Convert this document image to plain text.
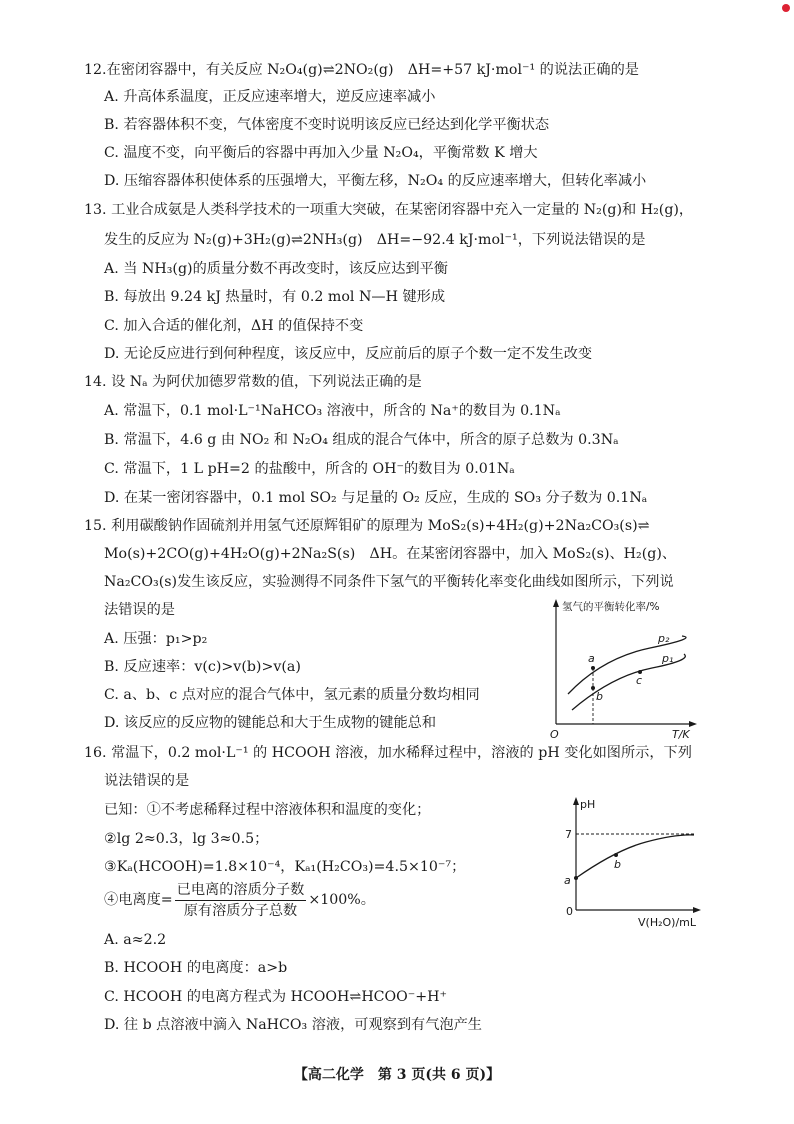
12.在密闭容器中，有关反应 N₂O₄(g)⇌2NO₂(g)　ΔH=+57 kJ·mol⁻¹ 的说法正确的是
A. 升高体系温度，正反应速率增大，逆反应速率减小
B. 若容器体积不变，气体密度不变时说明该反应已经达到化学平衡状态
C. 温度不变，向平衡后的容器中再加入少量 N₂O₄，平衡常数 K 增大
D. 压缩容器体积使体系的压强增大，平衡左移，N₂O₄ 的反应速率增大，但转化率减小
13. 工业合成氨是人类科学技术的一项重大突破，在某密闭容器中充入一定量的 N₂(g)和 H₂(g)，
发生的反应为 N₂(g)+3H₂(g)⇌2NH₃(g)　ΔH=−92.4 kJ·mol⁻¹，下列说法错误的是
A. 当 NH₃(g)的质量分数不再改变时，该反应达到平衡
B. 每放出 9.24 kJ 热量时，有 0.2 mol N—H 键形成
C. 加入合适的催化剂，ΔH 的值保持不变
D. 无论反应进行到何种程度，该反应中，反应前后的原子个数一定不发生改变
14. 设 Nₐ 为阿伏加德罗常数的值，下列说法正确的是
A. 常温下，0.1 mol·L⁻¹NaHCO₃ 溶液中，所含的 Na⁺的数目为 0.1Nₐ
B. 常温下，4.6 g 由 NO₂ 和 N₂O₄ 组成的混合气体中，所含的原子总数为 0.3Nₐ
C. 常温下，1 L pH=2 的盐酸中，所含的 OH⁻的数目为 0.01Nₐ
D. 在某一密闭容器中，0.1 mol SO₂ 与足量的 O₂ 反应，生成的 SO₃ 分子数为 0.1Nₐ
15. 利用碳酸钠作固硫剂并用氢气还原辉钼矿的原理为 MoS₂(s)+4H₂(g)+2Na₂CO₃(s)⇌
Mo(s)+2CO(g)+4H₂O(g)+2Na₂S(s)　ΔH。在某密闭容器中，加入 MoS₂(s)、H₂(g)、
Na₂CO₃(s)发生该反应，实验测得不同条件下氢气的平衡转化率变化曲线如图所示，下列说
法错误的是
A. 压强：p₁>p₂
B. 反应速率：v(c)>v(b)>v(a)
C. a、b、c 点对应的混合气体中，氢元素的质量分数均相同
D. 该反应的反应物的键能总和大于生成物的键能总和
氢气的平衡转化率/%
T/K
O
p₂
p₁
a
b
c
16. 常温下，0.2 mol·L⁻¹ 的 HCOOH 溶液，加水稀释过程中，溶液的 pH 变化如图所示，下列
说法错误的是
已知：①不考虑稀释过程中溶液体积和温度的变化；
②lg 2≈0.3，lg 3≈0.5；
③Kₐ(HCOOH)=1.8×10⁻⁴，Kₐ₁(H₂CO₃)=4.5×10⁻⁷；
④电离度= $\frac{\text{已电离的溶质分子数}}{\text{原有溶质分子总数}} \times 100\%$。
A. a≈2.2
B. HCOOH 的电离度：a>b
C. HCOOH 的电离方程式为 HCOOH⇌HCOO⁻+H⁺
D. 往 b 点溶液中滴入 NaHCO₃ 溶液，可观察到有气泡产生
pH
V(H₂O)/mL
0
7
a
b
【高二化学　第 3 页(共 6 页)】
